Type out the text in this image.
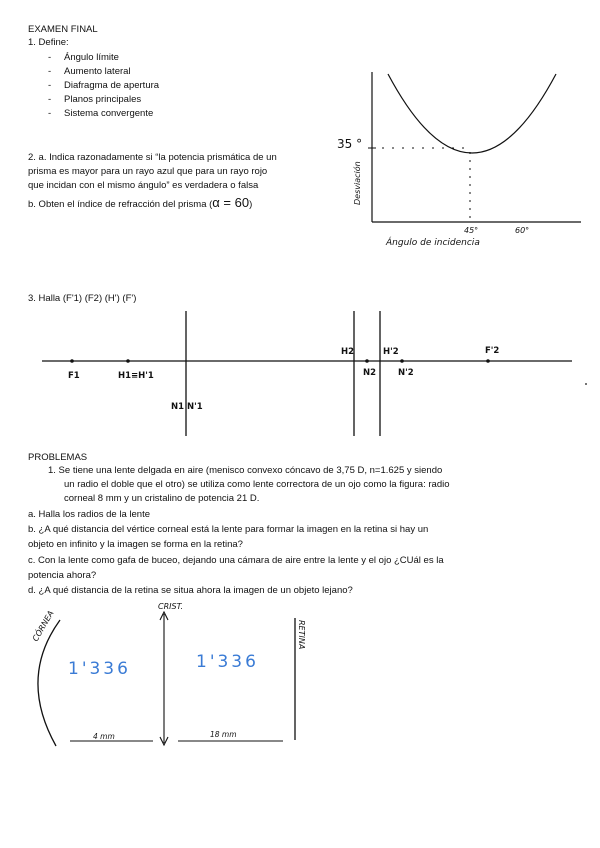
EXAMEN FINAL
1. Define:
- Ángulo límite
- Aumento lateral
- Diafragma de apertura
- Planos principales
- Sistema convergente
2. a. Indica razonadamente si “la potencia prismática de un
prisma es mayor para un rayo azul que para un rayo rojo
que incidan con el mismo ángulo” es verdadera o falsa
b. Obten el índice de refracción del prisma (α = 60)
35 °
Desviación
45°	60°
Ángulo de incidencia
3. Halla (F'1) (F2) (H') (F')
F1	H1≡H'1
N1 N'1
H2	H'2
N2	N'2
F'2
PROBLEMAS
1. Se tiene una lente delgada en aire (menisco convexo cóncavo de 3,75 D, n=1.625 y siendo
un radio el doble que el otro) se utiliza como lente correctora de un ojo como la figura: radio
corneal 8 mm y un cristalino de potencia 21 D.
a. Halla los radios de la lente
b. ¿A qué distancia del vértice corneal está la lente para formar la imagen en la retina si hay un
objeto en infinito y la imagen se forma en la retina?
c. Con la lente como gafa de buceo, dejando una cámara de aire entre la lente y el ojo ¿CUál es la
potencia ahora?
d. ¿A qué distancia de la retina se situa ahora la imagen de un objeto lejano?
CÓRNEA
CRIST.
RETINA
1'336	1'336
4 mm	18 mm
